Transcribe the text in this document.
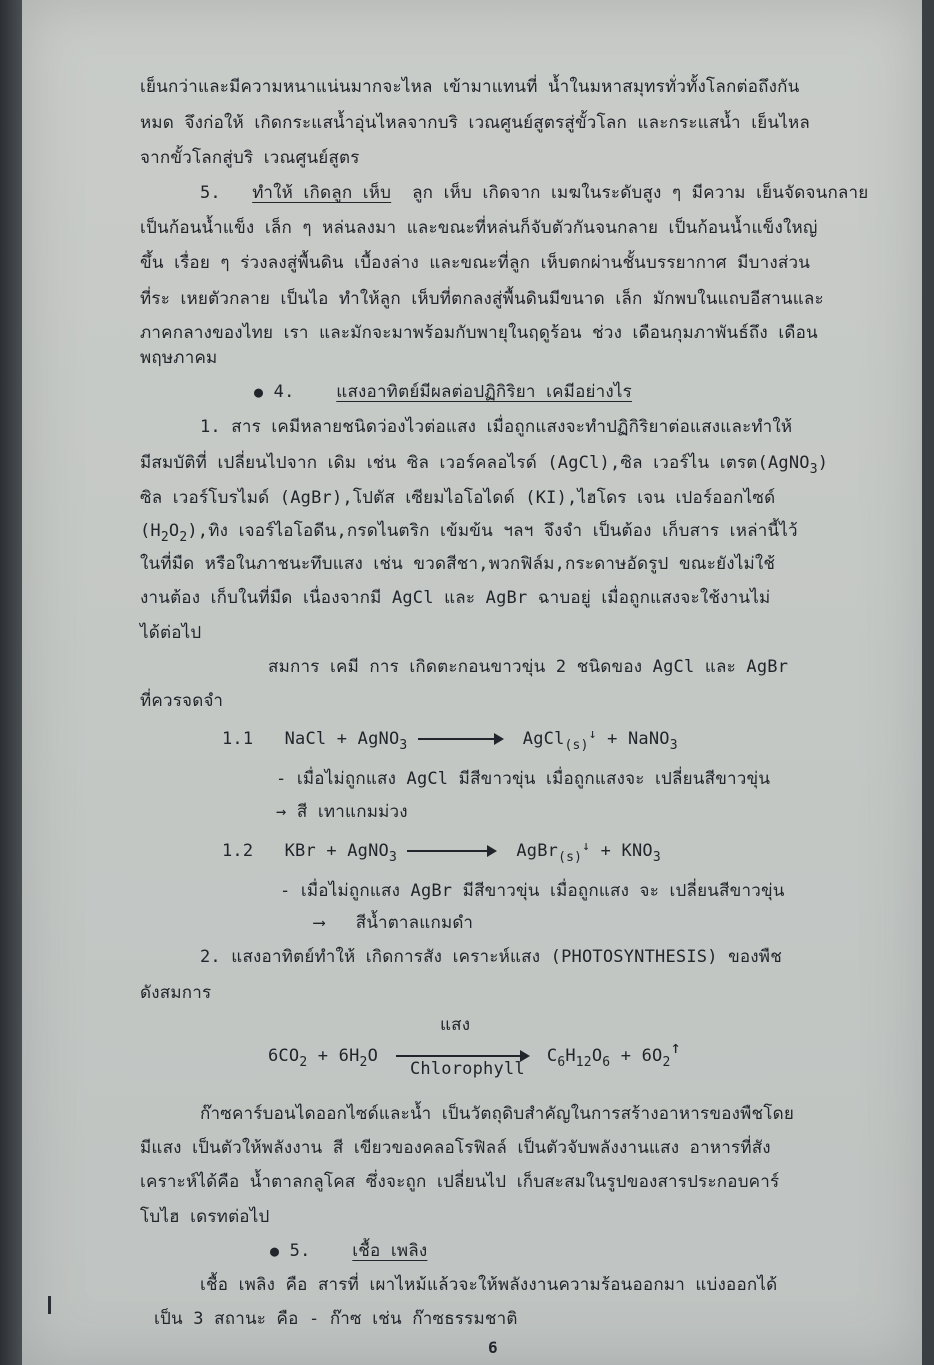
เย็นกว่าและมีความหนาแน่นมากจะไหล เข้ามาแทนที่ น้ำในมหาสมุทรทั่วทั้งโลกต่อถึงกัน
หมด จึงก่อให้ เกิดกระแสน้ำอุ่นไหลจากบริ เวณศูนย์สูตรสู่ขั้วโลก และกระแสน้ำ เย็นไหล
จากขั้วโลกสู่บริ เวณศูนย์สูตร
5. ทำให้ เกิดลูก เห็บ ลูก เห็บ เกิดจาก เมฆในระดับสูง ๆ มีความ เย็นจัดจนกลาย
เป็นก้อนน้ำแข็ง เล็ก ๆ หล่นลงมา และขณะที่หล่นก็จับตัวกันจนกลาย เป็นก้อนน้ำแข็งใหญ่
ขึ้น เรื่อย ๆ ร่วงลงสู่พื้นดิน เบื้องล่าง และขณะที่ลูก เห็บตกผ่านชั้นบรรยากาศ มีบางส่วน
ที่ระ เหยตัวกลาย เป็นไอ ทำให้ลูก เห็บที่ตกลงสู่พื้นดินมีขนาด เล็ก มักพบในแถบอีสานและ
ภาคกลางของไทย เรา และมักจะมาพร้อมกับพายุในฤดูร้อน ช่วง เดือนกุมภาพันธ์ถึง เดือน
พฤษภาคม
● 4. แสงอาทิตย์มีผลต่อปฏิกิริยา เคมีอย่างไร
1. สาร เคมีหลายชนิดว่องไวต่อแสง เมื่อถูกแสงจะทำปฏิกิริยาต่อแสงและทำให้
มีสมบัติที่ เปลี่ยนไปจาก เดิม เช่น ซิล เวอร์คลอไรด์ (AgCl),ซิล เวอร์ไน เตรต(AgNO$_3$)
ซิล เวอร์โบรไมด์ (AgBr),โปตัส เซียมไอโอไดด์ (KI),ไฮโดร เจน เปอร์ออกไซด์
$(H_2O_2)$,ทิง เจอร์ไอโอดีน,กรดไนตริก เข้มข้น ฯลฯ จึงจำ เป็นต้อง เก็บสาร เหล่านี้ไว้
ในที่มืด หรือในภาชนะทึบแสง เช่น ขวดสีชา,พวกฟิล์ม,กระดาษอัดรูป ขณะยังไม่ใช้
งานต้อง เก็บในที่มืด เนื่องจากมี AgCl และ AgBr ฉาบอยู่ เมื่อถูกแสงจะใช้งานไม่
ได้ต่อไป
สมการ เคมี การ เกิดตะกอนขาวขุ่น 2 ชนิดของ AgCl และ AgBr
ที่ควรจดจำ
1.1 NaCl + AgNO$_3$	AgCl$_{(s)}$↓ + NaNO$_3$
- เมื่อไม่ถูกแสง AgCl มีสีขาวขุ่น เมื่อถูกแสงจะ เปลี่ยนสีขาวขุ่น
→ สี เทาแกมม่วง
1.2 KBr + AgNO$_3$	AgBr$_{(s)}$↓ + $KNO_3$
- เมื่อไม่ถูกแสง AgBr มีสีขาวขุ่น เมื่อถูกแสง จะ เปลี่ยนสีขาวขุ่น
⟶ สีน้ำตาลแกมดำ
2. แสงอาทิตย์ทำให้ เกิดการสัง เคราะห์แสง (PHOTOSYNTHESIS) ของพืช
ดังสมการ
แสง
$6CO_2 + 6H_2O$	$C_6H_{12}O_6$ + $6O_2↑$
Chlorophyll
ก๊าซคาร์บอนไดออกไซด์และน้ำ เป็นวัตถุดิบสำคัญในการสร้างอาหารของพืชโดย
มีแสง เป็นตัวให้พลังงาน สี เขียวของคลอโรฟิลล์ เป็นตัวจับพลังงานแสง อาหารที่สัง
เคราะห์ได้คือ น้ำตาลกลูโคส ซึ่งจะถูก เปลี่ยนไป เก็บสะสมในรูปของสารประกอบคาร์
โบไฮ เดรทต่อไป
● 5. เชื้อ เพลิง
เชื้อ เพลิง คือ สารที่ เผาไหม้แล้วจะให้พลังงานความร้อนออกมา แบ่งออกได้
เป็น 3 สถานะ คือ - ก๊าซ เช่น ก๊าซธรรมชาติ
6
